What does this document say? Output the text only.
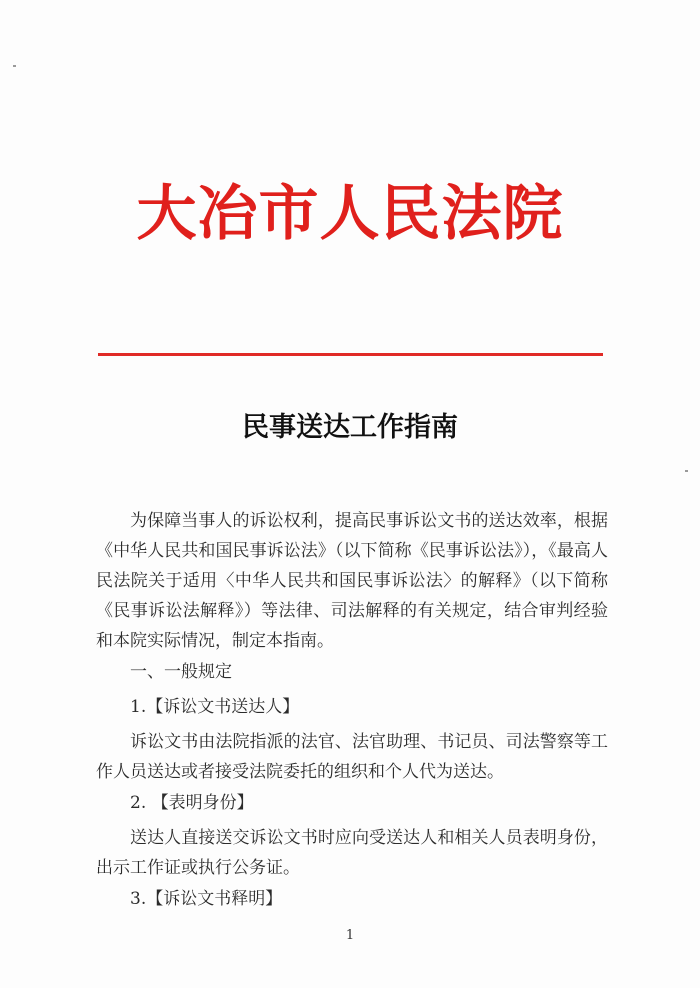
大冶市人民法院
民事送达工作指南

为保障当事人的诉讼权利，提高民事诉讼文书的送达效率，根据《中华人民共和国民事诉讼法》（以下简称《民事诉讼法》），《最高人民法院关于适用〈中华人民共和国民事诉讼法〉的解释》（以下简称《民事诉讼法解释》）等法律、司法解释的有关规定，结合审判经验和本院实际情况，制定本指南。

一、一般规定

1.【诉讼文书送达人】

诉讼文书由法院指派的法官、法官助理、书记员、司法警察等工作人员送达或者接受法院委托的组织和个人代为送达。

2. 【表明身份】

送达人直接送交诉讼文书时应向受送达人和相关人员表明身份，出示工作证或执行公务证。

3.【诉讼文书释明】

1
